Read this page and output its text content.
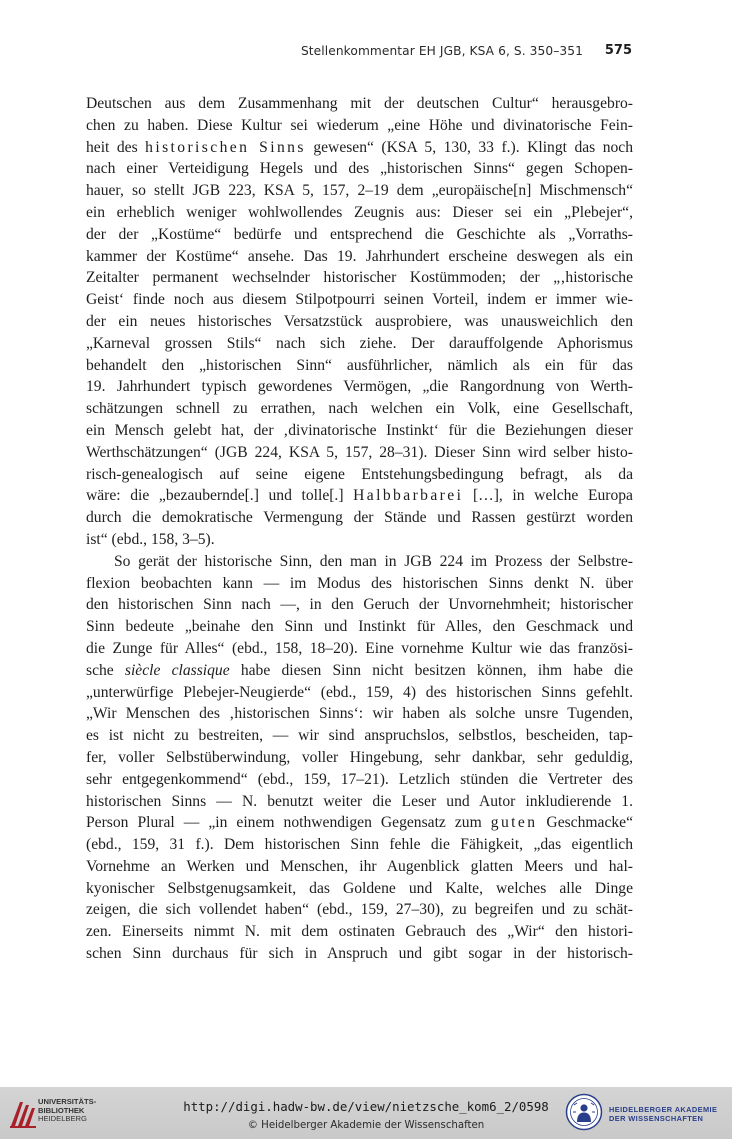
Stellenkommentar EH JGB, KSA 6, S. 350–351 575
Deutschen aus dem Zusammenhang mit der deutschen Cultur“ herausgebro-
chen zu haben. Diese Kultur sei wiederum „eine Höhe und divinatorische Fein-
heit des historischen Sinns gewesen“ (KSA 5, 130, 33 f.). Klingt das noch
nach einer Verteidigung Hegels und des „historischen Sinns“ gegen Schopen-
hauer, so stellt JGB 223, KSA 5, 157, 2–19 dem „europäische[n] Mischmensch“
ein erheblich weniger wohlwollendes Zeugnis aus: Dieser sei ein „Plebejer“,
der der „Kostüme“ bedürfe und entsprechend die Geschichte als „Vorraths-
kammer der Kostüme“ ansehe. Das 19. Jahrhundert erscheine deswegen als ein
Zeitalter permanent wechselnder historischer Kostümmoden; der „‚historische
Geist‘ finde noch aus diesem Stilpotpourri seinen Vorteil, indem er immer wie-
der ein neues historisches Versatzstück ausprobiere, was unausweichlich den
„Karneval grossen Stils“ nach sich ziehe. Der darauffolgende Aphorismus
behandelt den „historischen Sinn“ ausführlicher, nämlich als ein für das
19. Jahrhundert typisch gewordenes Vermögen, „die Rangordnung von Werth-
schätzungen schnell zu errathen, nach welchen ein Volk, eine Gesellschaft,
ein Mensch gelebt hat, der ‚divinatorische Instinkt‘ für die Beziehungen dieser
Werthschätzungen“ (JGB 224, KSA 5, 157, 28–31). Dieser Sinn wird selber histo-
risch-genealogisch auf seine eigene Entstehungsbedingung befragt, als da
wäre: die „bezaubernde[.] und tolle[.] Halbbarbarei […], in welche Europa
durch die demokratische Vermengung der Stände und Rassen gestürzt worden
ist“ (ebd., 158, 3–5).
So gerät der historische Sinn, den man in JGB 224 im Prozess der Selbstre-
flexion beobachten kann — im Modus des historischen Sinns denkt N. über
den historischen Sinn nach —, in den Geruch der Unvornehmheit; historischer
Sinn bedeute „beinahe den Sinn und Instinkt für Alles, den Geschmack und
die Zunge für Alles“ (ebd., 158, 18–20). Eine vornehme Kultur wie das französi-
sche siècle classique habe diesen Sinn nicht besitzen können, ihm habe die
„unterwürfige Plebejer-Neugierde“ (ebd., 159, 4) des historischen Sinns gefehlt.
„Wir Menschen des ‚historischen Sinns‘: wir haben als solche unsre Tugenden,
es ist nicht zu bestreiten, — wir sind anspruchslos, selbstlos, bescheiden, tap-
fer, voller Selbstüberwindung, voller Hingebung, sehr dankbar, sehr geduldig,
sehr entgegenkommend“ (ebd., 159, 17–21). Letzlich stünden die Vertreter des
historischen Sinns — N. benutzt weiter die Leser und Autor inkludierende 1.
Person Plural — „in einem nothwendigen Gegensatz zum guten Geschmacke“
(ebd., 159, 31 f.). Dem historischen Sinn fehle die Fähigkeit, „das eigentlich
Vornehme an Werken und Menschen, ihr Augenblick glatten Meers und hal-
kyonischer Selbstgenugsamkeit, das Goldene und Kalte, welches alle Dinge
zeigen, die sich vollendet haben“ (ebd., 159, 27–30), zu begreifen und zu schät-
zen. Einerseits nimmt N. mit dem ostinaten Gebrauch des „Wir“ den histori-
schen Sinn durchaus für sich in Anspruch und gibt sogar in der historisch-
UNIVERSITÄTS-
BIBLIOTHEK
HEIDELBERG
http://digi.hadw-bw.de/view/nietzsche_kom6_2/0598
© Heidelberger Akademie der Wissenschaften
HEIDELBERGER AKADEMIE
DER WISSENSCHAFTEN
